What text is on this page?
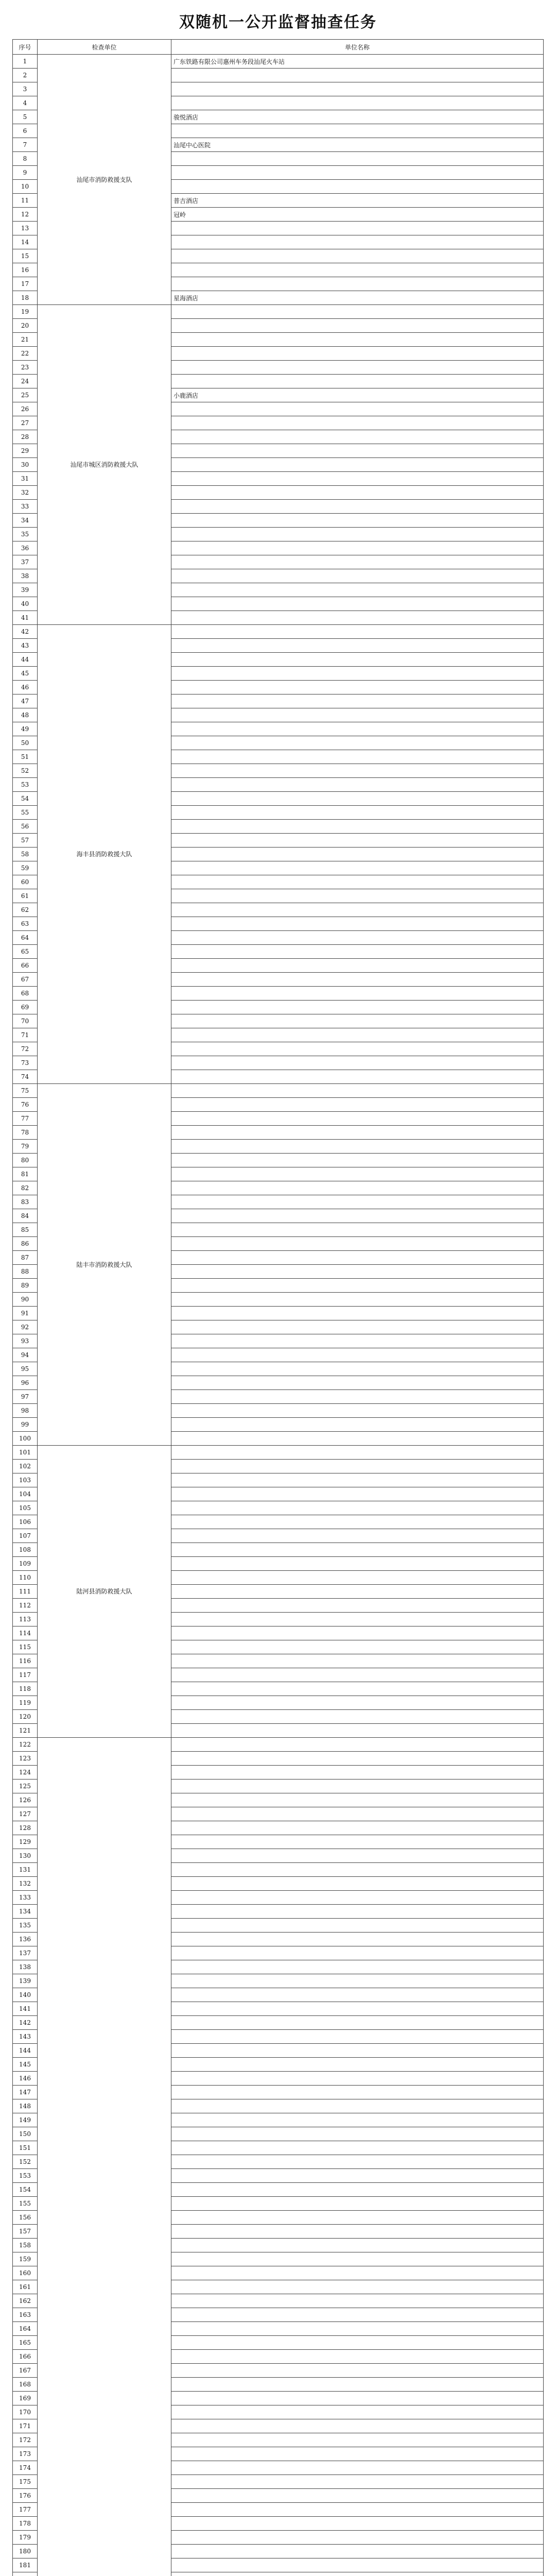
双随机一公开监督抽查任务
序号	检查单位	单位名称
1	汕尾市消防救援支队	广东铁路有限公司惠州车务段汕尾火车站
2		
3		
4		
5		骏悦酒店
6		
7		汕尾中心医院
8		
9		
10		
11		普吉酒店
12		冠岭
13		
14		
15		
16		
17		
18		星海酒店
19	汕尾市城区消防救援大队	
20		
21		
22		
23		
24		
25		小鹿酒店
26		
27		
28		
29		
30		
31		
32		
33		
34		
35		
36		
37		
38		
39		
40		
41		
42	海丰县消防救援大队	
43		
44		
45		
46		
47		
48		
49		
50		
51		
52		
53		
54		
55		
56		
57		
58		
59		
60		
61		
62		
63		
64		
65		
66		
67		
68		
69		
70		
71		
72		
73		
74		
75	陆丰市消防救援大队	
76		
77		
78		
79		
80		
81		
82		
83		
84		
85		
86		
87		
88		
89		
90		
91		
92		
93		
94		
95		
96		
97		
98		
99		
100		
101	陆河县消防救援大队	
102		
103		
104		
105		
106		
107		
108		
109		
110		
111		
112		
113		
114		
115		
116		
117		
118		
119		
120		
121		
122		
123		
124		
125		
126		
127		
128		
129		
130		
131		
132		
133		
134		
135		
136		
137		
138		
139		
140		
141		
142		
143		
144		
145		
146		
147		
148		
149		
150		
151		
152		
153		
154		
155		
156		
157		
158		
159		
160		
161		
162		
163		
164		
165		
166		
167		
168		
169		
170		
171		
172		
173		
174		
175		
176		
177		
178		
179		
180		
181		
